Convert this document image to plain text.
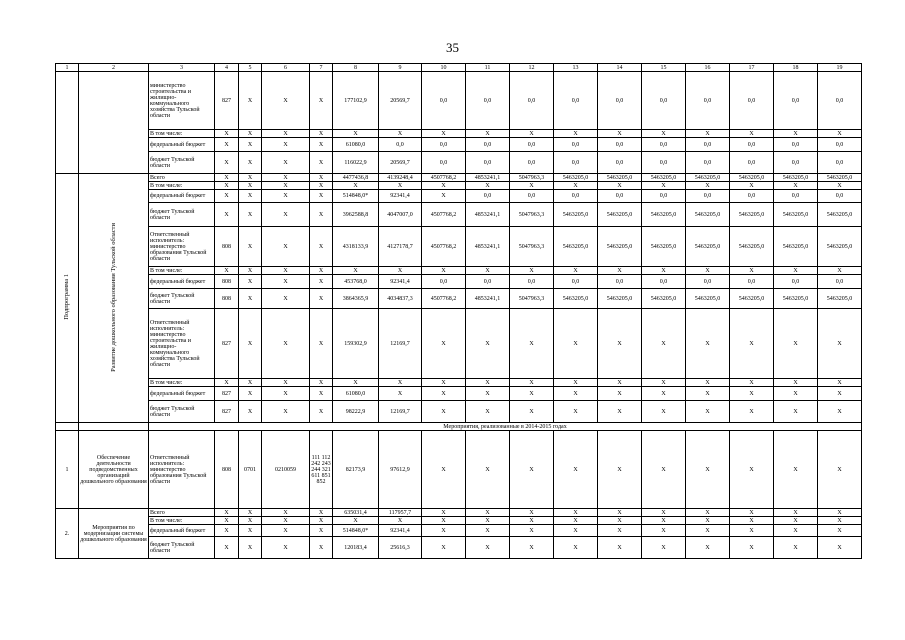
35
1	2	3	4	5	6	7	8	9	10	11	12	13	14	15	16	17	18	19
		министерство строительства и жилищно-коммунального хозяйства Тульской области	827	X	X	X	177102,9	20569,7	0,0	0,0	0,0	0,0	0,0	0,0	0,0	0,0	0,0	0,0
		В том числе:	X	X	X	X	X	X	X	X	X	X	X	X	X	X	X	X
		федеральный бюджет	X	X	X	X	61080,0	0,0	0,0	0,0	0,0	0,0	0,0	0,0	0,0	0,0	0,0	0,0
		бюджет Тульской области	X	X	X	X	116022,9	20569,7	0,0	0,0	0,0	0,0	0,0	0,0	0,0	0,0	0,0	0,0
Подпрограмма 1	Развитие дошкольного образования Тульской области	Всего	X	X	X	X	4477436,8	4139248,4	4507768,2	4853241,1	5047963,3	5463205,0	5463205,0	5463205,0	5463205,0	5463205,0	5463205,0	5463205,0
		В том числе:	X	X	X	X	X	X	X	X	X	X	X	X	X	X	X	X
		федеральный бюджет	X	X	X	X	514848,0*	92341,4	X	0,0	0,0	0,0	0,0	0,0	0,0	0,0	0,0	0,0
		бюджет Тульской области	X	X	X	X	3962588,8	4047007,0	4507768,2	4853241,1	5047963,3	5463205,0	5463205,0	5463205,0	5463205,0	5463205,0	5463205,0	5463205,0
		Ответственный исполнитель: министерство образования Тульской области	808	X	X	X	4318133,9	4127178,7	4507768,2	4853241,1	5047963,3	5463205,0	5463205,0	5463205,0	5463205,0	5463205,0	5463205,0	5463205,0
		В том числе:	X	X	X	X	X	X	X	X	X	X	X	X	X	X	X	X
		федеральный бюджет	808	X	X	X	453768,0	92341,4	0,0	0,0	0,0	0,0	0,0	0,0	0,0	0,0	0,0	0,0
		бюджет Тульской области	808	X	X	X	3864365,9	4034837,3	4507768,2	4853241,1	5047963,3	5463205,0	5463205,0	5463205,0	5463205,0	5463205,0	5463205,0	5463205,0
		Ответственный исполнитель: министерство строительства и жилищно-коммунального хозяйства Тульской области	827	X	X	X	159302,9	12169,7	X	X	X	X	X	X	X	X	X	X
		В том числе:	X	X	X	X	X	X	X	X	X	X	X	X	X	X	X	X
		федеральный бюджет	827	X	X	X	61080,0	X	X	X	X	X	X	X	X	X	X	X
		бюджет Тульской области	827	X	X	X	98222,9	12169,7	X	X	X	X	X	X	X	X	X	X
		Мероприятия, реализованные в 2014-2015 годах																
1	Обеспечение деятельности подведомственных организаций дошкольного образования	Ответственный исполнитель: министерство образования Тульской области	808	0701	0210059	111 112 242 243 244 321 611 851 852	82173,9	97612,9	X	X	X	X	X	X	X	X	X	X
2.	Мероприятия по модернизации системы дошкольного образования	Всего	X	X	X	X	635031,4	117957,7	X	X	X	X	X	X	X	X	X	X
		В том числе:	X	X	X	X	X	X	X	X	X	X	X	X	X	X	X	X
		федеральный бюджет	X	X	X	X	514848,0*	92341,4	X	X	X	X	X	X	X	X	X	X
		бюджет Тульской области	X	X	X	X	120183,4	25616,3	X	X	X	X	X	X	X	X	X	X
